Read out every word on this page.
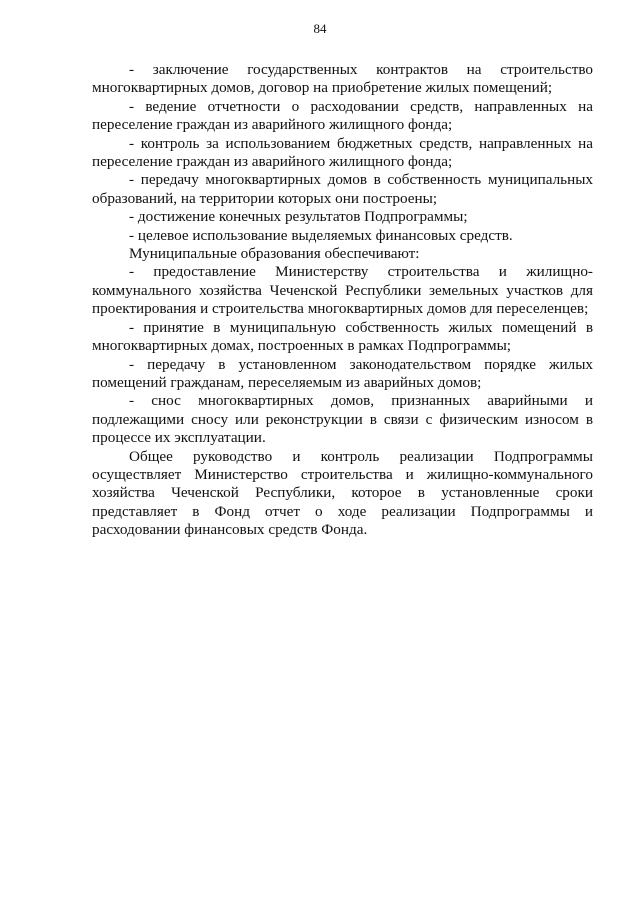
84

- заключение государственных контрактов на строительство многоквартирных домов, договор на приобретение жилых помещений;

- ведение отчетности о расходовании средств, направленных на переселение граждан из аварийного жилищного фонда;

- контроль за использованием бюджетных средств, направленных на переселение граждан из аварийного жилищного фонда;

- передачу многоквартирных домов в собственность муниципальных образований, на территории которых они построены;

- достижение конечных результатов Подпрограммы;

- целевое использование выделяемых финансовых средств.

Муниципальные образования обеспечивают:

- предоставление Министерству строительства и жилищно-коммунального хозяйства Чеченской Республики земельных участков для проектирования и строительства многоквартирных домов для переселенцев;

- принятие в муниципальную собственность жилых помещений в многоквартирных домах, построенных в рамках Подпрограммы;

- передачу в установленном законодательством порядке жилых помещений гражданам, переселяемым из аварийных домов;

- снос многоквартирных домов, признанных аварийными и подлежащими сносу или реконструкции в связи с физическим износом в процессе их эксплуатации.

Общее руководство и контроль реализации Подпрограммы осуществляет Министерство строительства и жилищно-коммунального хозяйства Чеченской Республики, которое в установленные сроки представляет в Фонд отчет о ходе реализации Подпрограммы и расходовании финансовых средств Фонда.
